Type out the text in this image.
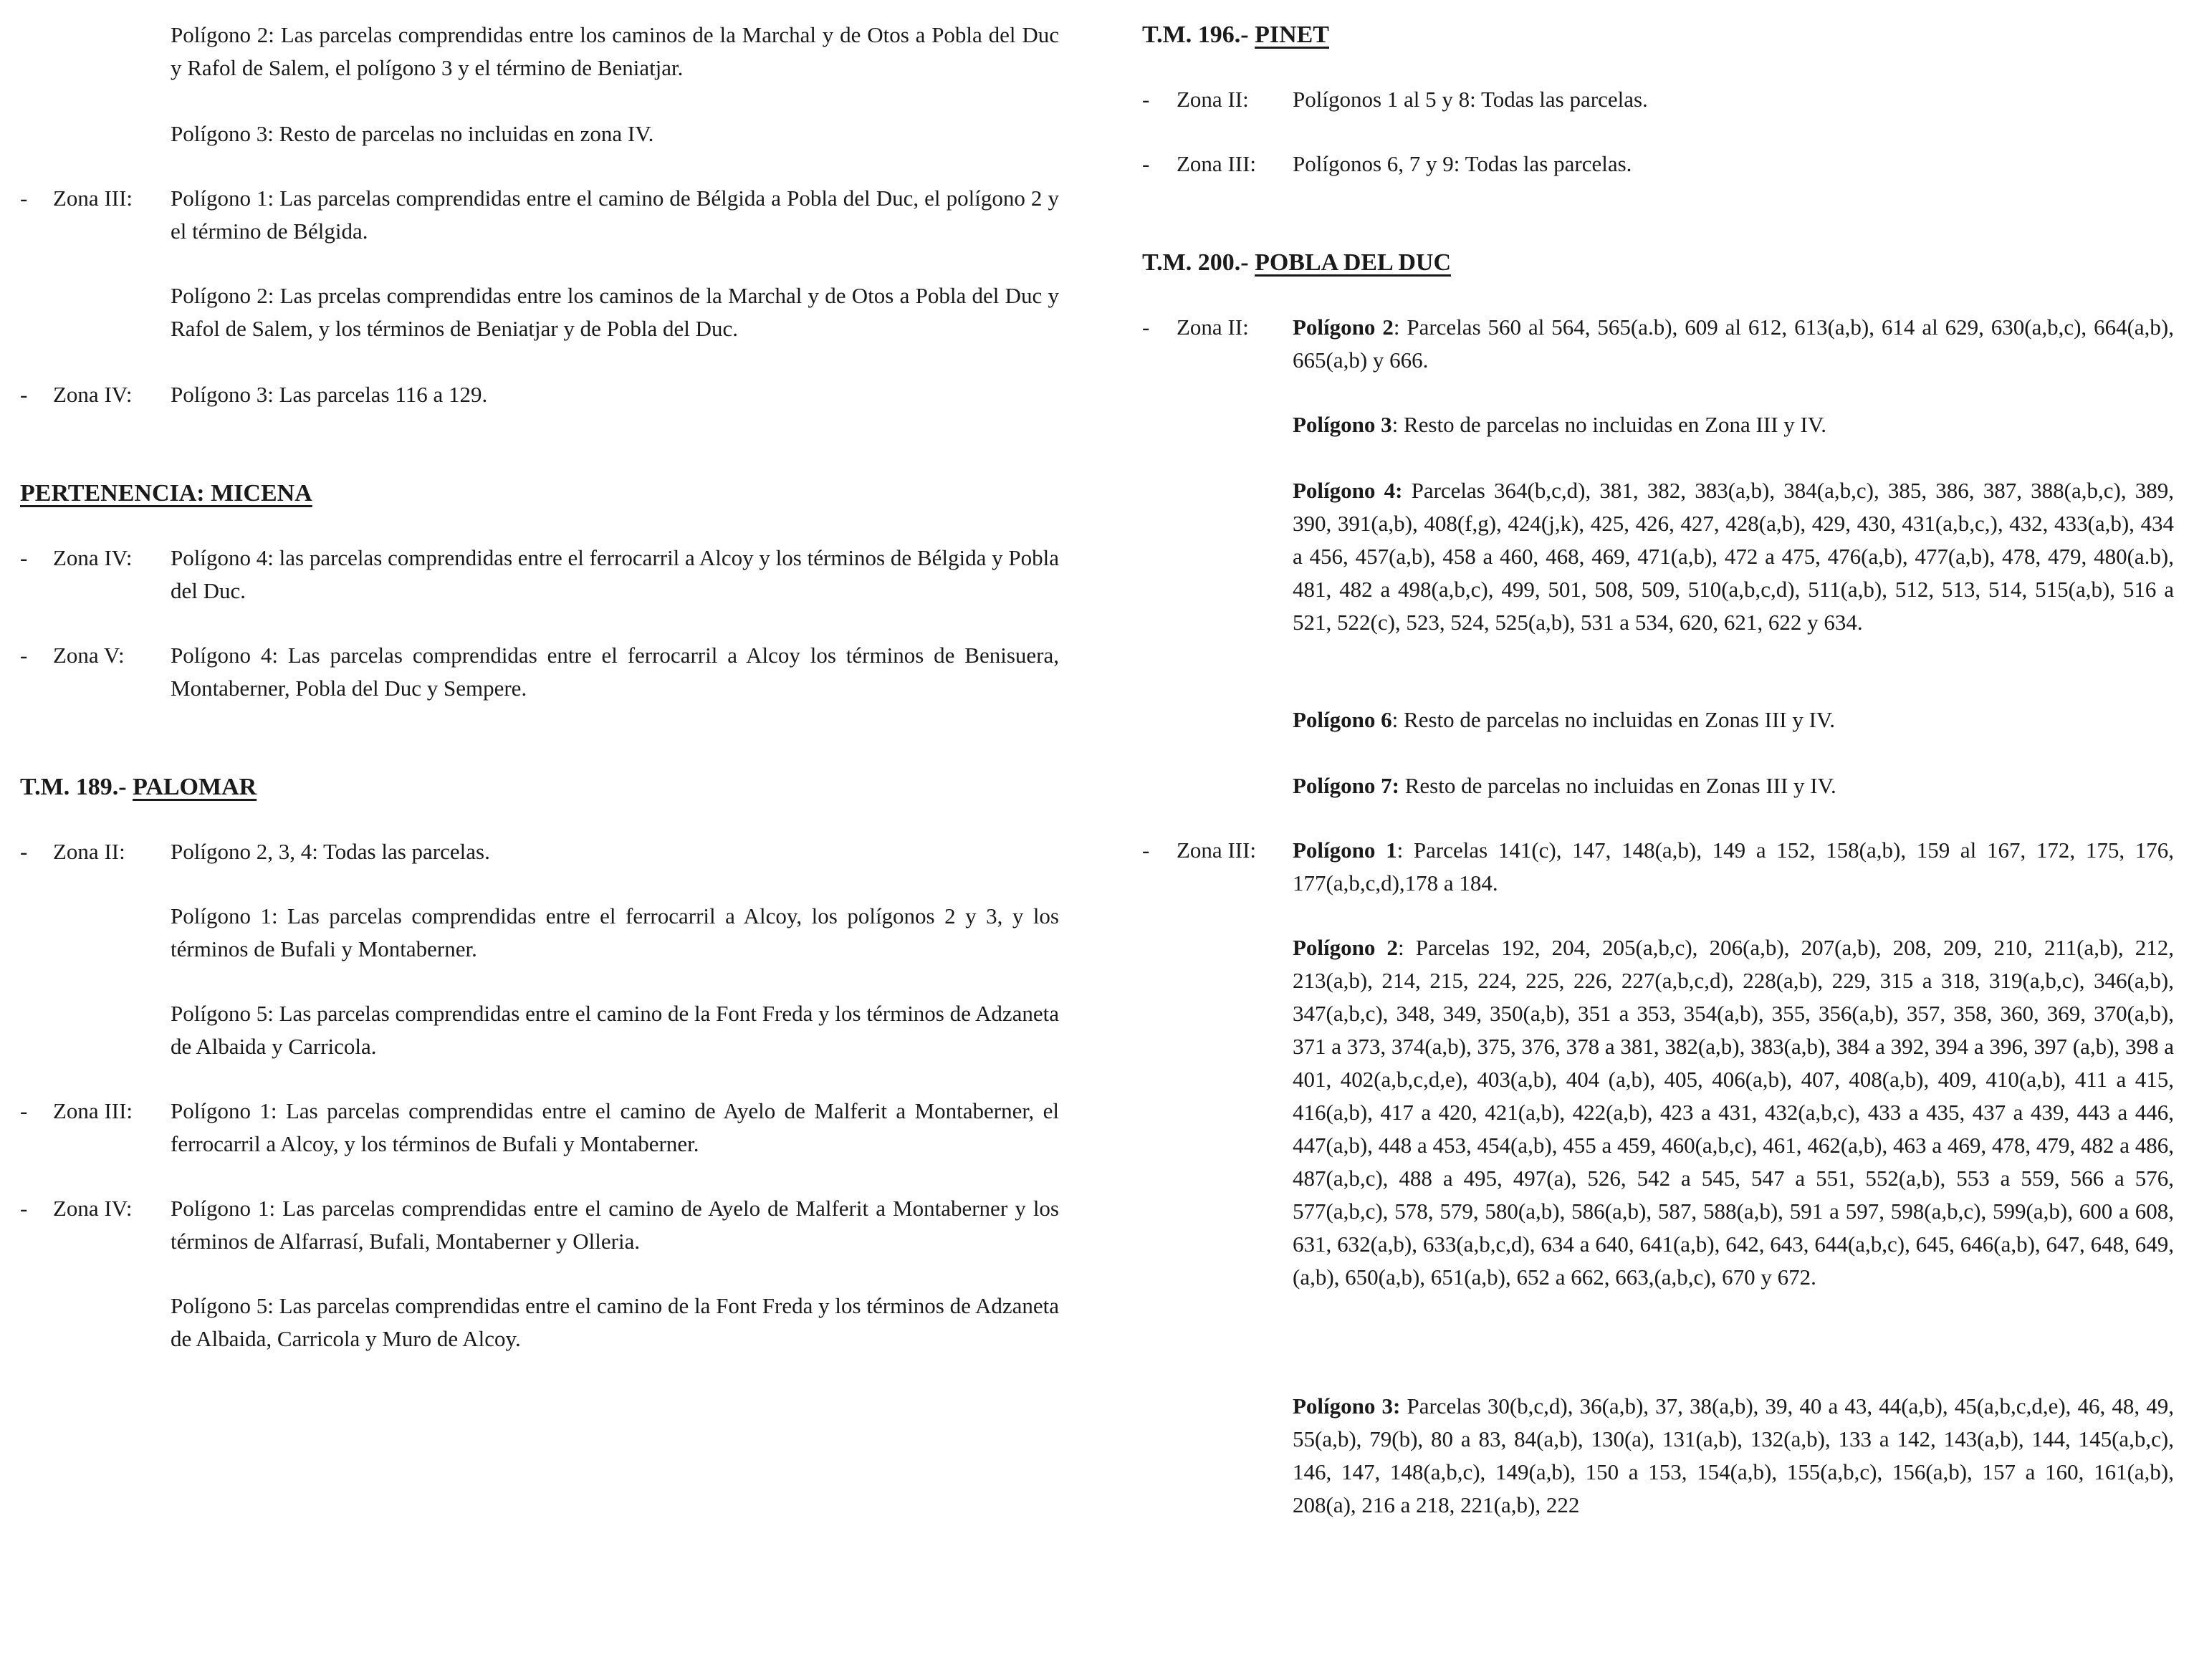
Polígono 2: Las parcelas comprendidas entre los caminos de la Marchal y de Otos a Pobla del Duc y Rafol de Salem, el polígono 3 y el término de Beniatjar.

Polígono 3: Resto de parcelas no incluidas en zona IV.

- Zona III: Polígono 1: Las parcelas comprendidas entre el camino de Bélgida a Pobla del Duc, el polígono 2 y el término de Bélgida.

Polígono 2: Las prcelas comprendidas entre los caminos de la Marchal y de Otos a Pobla del Duc y Rafol de Salem, y los términos de Beniatjar y de Pobla del Duc.

- Zona IV: Polígono 3: Las parcelas 116 a 129.

PERTENENCIA: MICENA

- Zona IV: Polígono 4: las parcelas comprendidas entre el ferrocarril a Alcoy y los términos de Bélgida y Pobla del Duc.

- Zona V: Polígono 4: Las parcelas comprendidas entre el ferrocarril a Alcoy los términos de Benisuera, Montaberner, Pobla del Duc y Sempere.

T.M. 189.- PALOMAR

- Zona II: Polígono 2, 3, 4: Todas las parcelas.

Polígono 1: Las parcelas comprendidas entre el ferrocarril a Alcoy, los polígonos 2 y 3, y los términos de Bufali y Montaberner.

Polígono 5: Las parcelas comprendidas entre el camino de la Font Freda y los términos de Adzaneta de Albaida y Carricola.

- Zona III: Polígono 1: Las parcelas comprendidas entre el camino de Ayelo de Malferit a Montaberner, el ferrocarril a Alcoy, y los términos de Bufali y Montaberner.

- Zona IV: Polígono 1: Las parcelas comprendidas entre el camino de Ayelo de Malferit a Montaberner y los términos de Alfarrasí, Bufali, Montaberner y Olleria.

Polígono 5: Las parcelas comprendidas entre el camino de la Font Freda y los términos de Adzaneta de Albaida, Carricola y Muro de Alcoy.

T.M. 196.- PINET

- Zona II: Polígonos 1 al 5 y 8: Todas las parcelas.

- Zona III: Polígonos 6, 7 y 9: Todas las parcelas.

T.M. 200.- POBLA DEL DUC

- Zona II: Polígono 2: Parcelas 560 al 564, 565(a.b), 609 al 612, 613(a,b), 614 al 629, 630(a,b,c), 664(a,b), 665(a,b) y 666.

Polígono 3: Resto de parcelas no incluidas en Zona III y IV.

Polígono 4: Parcelas 364(b,c,d), 381, 382, 383(a,b), 384(a,b,c), 385, 386, 387, 388(a,b,c), 389, 390, 391(a,b), 408(f,g), 424(j,k), 425, 426, 427, 428(a,b), 429, 430, 431(a,b,c,), 432, 433(a,b), 434 a 456, 457(a,b), 458 a 460, 468, 469, 471(a,b), 472 a 475, 476(a,b), 477(a,b), 478, 479, 480(a.b), 481, 482 a 498(a,b,c), 499, 501, 508, 509, 510(a,b,c,d), 511(a,b), 512, 513, 514, 515(a,b), 516 a 521, 522(c), 523, 524, 525(a,b), 531 a 534, 620, 621, 622 y 634.

Polígono 6: Resto de parcelas no incluidas en Zonas III y IV.

Polígono 7: Resto de parcelas no incluidas en Zonas III y IV.

- Zona III: Polígono 1: Parcelas 141(c), 147, 148(a,b), 149 a 152, 158(a,b), 159 al 167, 172, 175, 176, 177(a,b,c,d),178 a 184.

Polígono 2: Parcelas 192, 204, 205(a,b,c), 206(a,b), 207(a,b), 208, 209, 210, 211(a,b), 212, 213(a,b), 214, 215, 224, 225, 226, 227(a,b,c,d), 228(a,b), 229, 315 a 318, 319(a,b,c), 346(a,b), 347(a,b,c), 348, 349, 350(a,b), 351 a 353, 354(a,b), 355, 356(a,b), 357, 358, 360, 369, 370(a,b), 371 a 373, 374(a,b), 375, 376, 378 a 381, 382(a,b), 383(a,b), 384 a 392, 394 a 396, 397 (a,b), 398 a 401, 402(a,b,c,d,e), 403(a,b), 404 (a,b), 405, 406(a,b), 407, 408(a,b), 409, 410(a,b), 411 a 415, 416(a,b), 417 a 420, 421(a,b), 422(a,b), 423 a 431, 432(a,b,c), 433 a 435, 437 a 439, 443 a 446, 447(a,b), 448 a 453, 454(a,b), 455 a 459, 460(a,b,c), 461, 462(a,b), 463 a 469, 478, 479, 482 a 486, 487(a,b,c), 488 a 495, 497(a), 526, 542 a 545, 547 a 551, 552(a,b), 553 a 559, 566 a 576, 577(a,b,c), 578, 579, 580(a,b), 586(a,b), 587, 588(a,b), 591 a 597, 598(a,b,c), 599(a,b), 600 a 608, 631, 632(a,b), 633(a,b,c,d), 634 a 640, 641(a,b), 642, 643, 644(a,b,c), 645, 646(a,b), 647, 648, 649,(a,b), 650(a,b), 651(a,b), 652 a 662, 663,(a,b,c), 670 y 672.

Polígono 3: Parcelas 30(b,c,d), 36(a,b), 37, 38(a,b), 39, 40 a 43, 44(a,b), 45(a,b,c,d,e), 46, 48, 49, 55(a,b), 79(b), 80 a 83, 84(a,b), 130(a), 131(a,b), 132(a,b), 133 a 142, 143(a,b), 144, 145(a,b,c), 146, 147, 148(a,b,c), 149(a,b), 150 a 153, 154(a,b), 155(a,b,c), 156(a,b), 157 a 160, 161(a,b), 208(a), 216 a 218, 221(a,b), 222
